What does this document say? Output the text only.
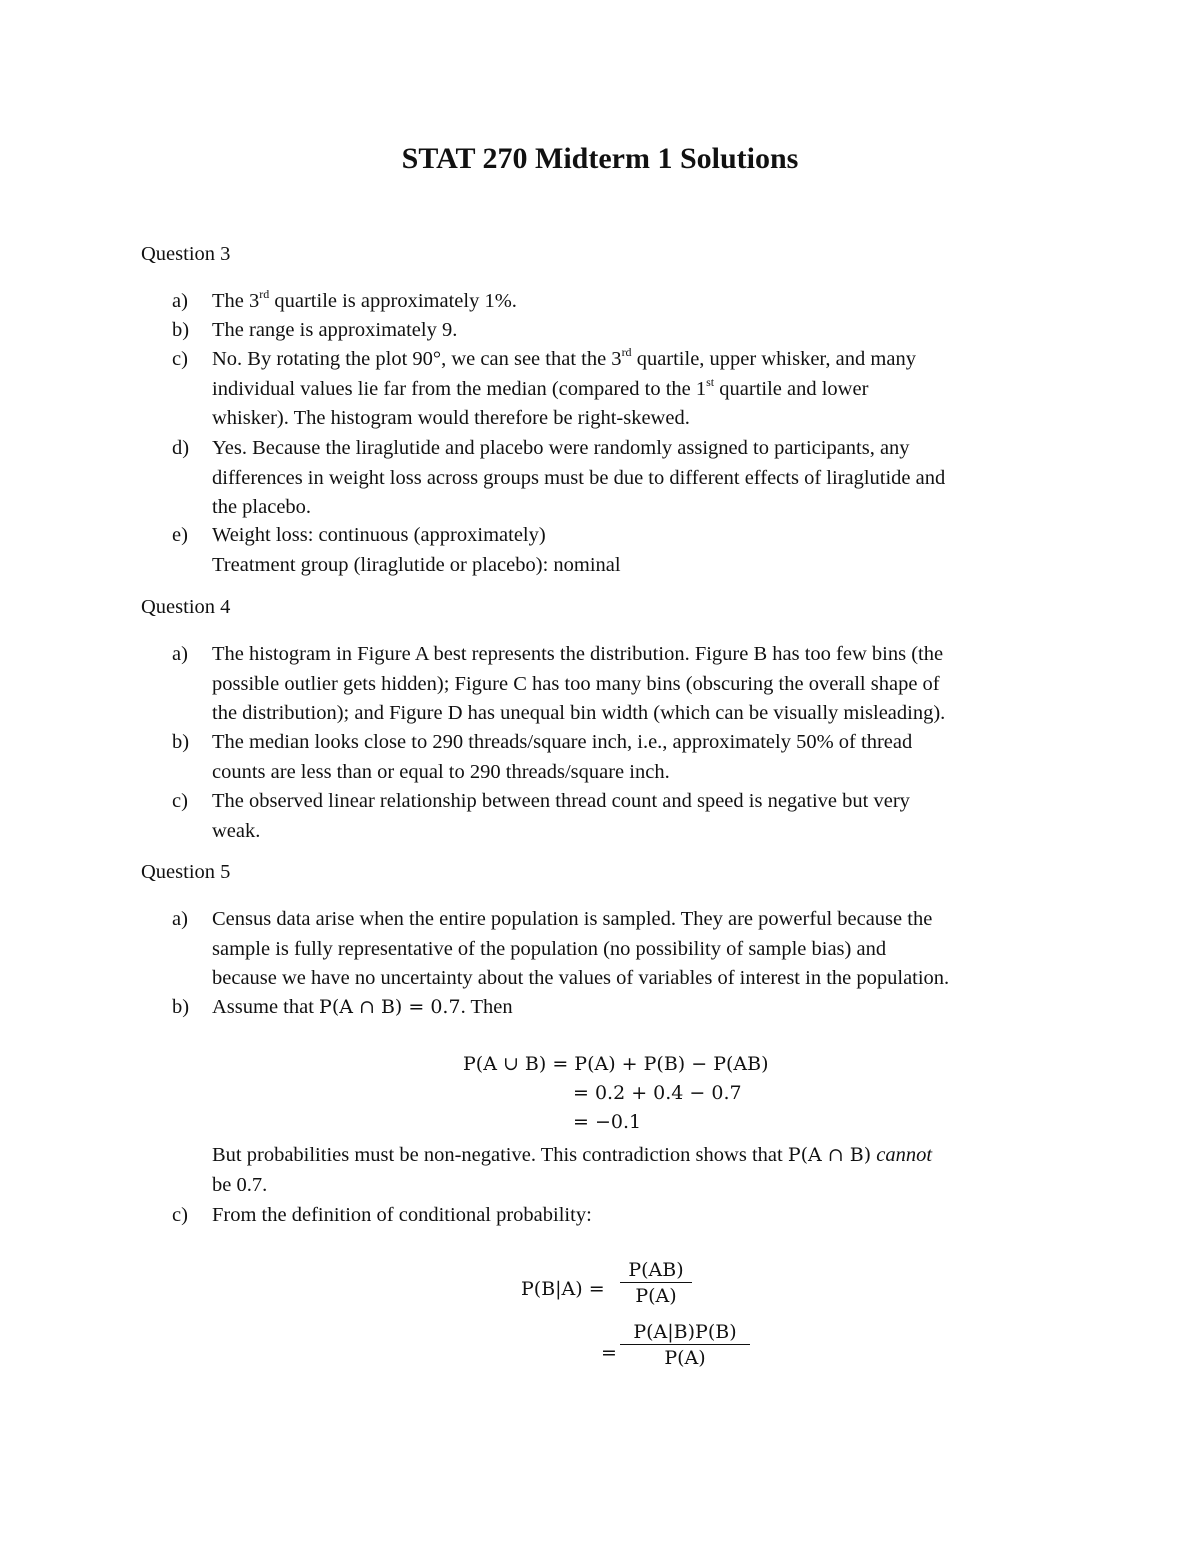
STAT 270 Midterm 1 Solutions
Question 3
a) The 3rd quartile is approximately 1%.
b) The range is approximately 9.
c) No. By rotating the plot 90°, we can see that the 3rd quartile, upper whisker, and many
individual values lie far from the median (compared to the 1st quartile and lower
whisker). The histogram would therefore be right-skewed.
d) Yes. Because the liraglutide and placebo were randomly assigned to participants, any
differences in weight loss across groups must be due to different effects of liraglutide and
the placebo.
e) Weight loss: continuous (approximately)
Treatment group (liraglutide or placebo): nominal
Question 4
a) The histogram in Figure A best represents the distribution. Figure B has too few bins (the
possible outlier gets hidden); Figure C has too many bins (obscuring the overall shape of
the distribution); and Figure D has unequal bin width (which can be visually misleading).
b) The median looks close to 290 threads/square inch, i.e., approximately 50% of thread
counts are less than or equal to 290 threads/square inch.
c) The observed linear relationship between thread count and speed is negative but very
weak.
Question 5
a) Census data arise when the entire population is sampled. They are powerful because the
sample is fully representative of the population (no possibility of sample bias) and
because we have no uncertainty about the values of variables of interest in the population.
b) Assume that P(A ∩ B) = 0.7. Then
P(A ∪ B) = P(A) + P(B) − P(AB)
= 0.2 + 0.4 − 0.7
= −0.1
But probabilities must be non-negative. This contradiction shows that P(A ∩ B) cannot
be 0.7.
c) From the definition of conditional probability:
$P(B|A) = \frac{P(AB)}{P(A)}$
= $\frac{P(A|B)P(B)}{P(A)}$
